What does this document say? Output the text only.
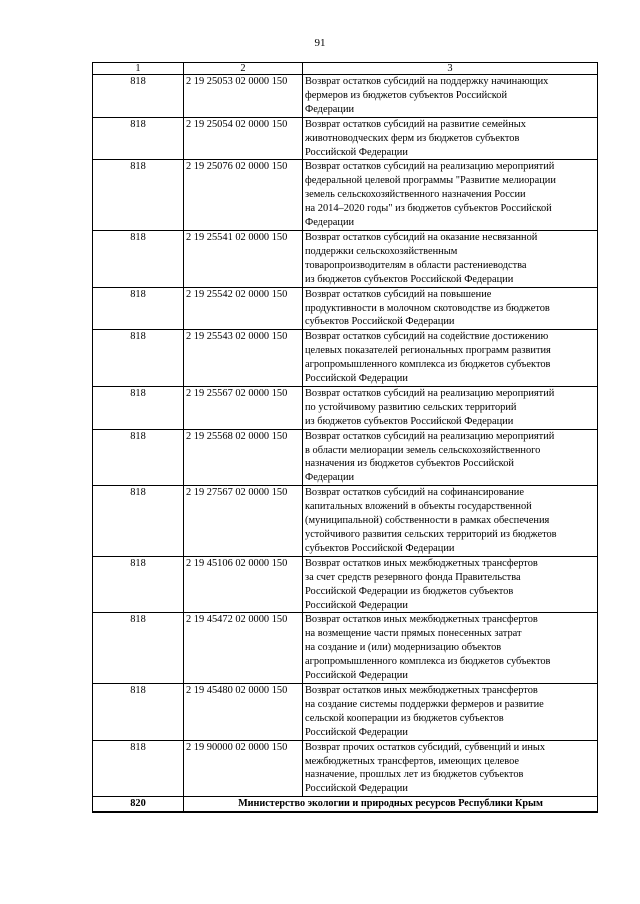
91
1	2	3
818	2 19 25053 02 0000 150	Возврат остатков субсидий на поддержку начинающих
фермеров из бюджетов субъектов Российской
Федерации

818	2 19 25054 02 0000 150	Возврат остатков субсидий на развитие семейных
животноводческих ферм из бюджетов субъектов
Российской Федерации

818	2 19 25076 02 0000 150	Возврат остатков субсидий на реализацию мероприятий
федеральной целевой программы "Развитие мелиорации
земель сельскохозяйственного назначения России
на 2014–2020 годы" из бюджетов субъектов Российской
Федерации

818	2 19 25541 02 0000 150	Возврат остатков субсидий на оказание несвязанной
поддержки сельскохозяйственным
товаропроизводителям в области растениеводства
из бюджетов субъектов Российской Федерации

818	2 19 25542 02 0000 150	Возврат остатков субсидий на повышение
продуктивности в молочном скотоводстве из бюджетов
субъектов Российской Федерации

818	2 19 25543 02 0000 150	Возврат остатков субсидий на содействие достижению
целевых показателей региональных программ развития
агропромышленного комплекса из бюджетов субъектов
Российской Федерации

818	2 19 25567 02 0000 150	Возврат остатков субсидий на реализацию мероприятий
по устойчивому развитию сельских территорий
из бюджетов субъектов Российской Федерации

818	2 19 25568 02 0000 150	Возврат остатков субсидий на реализацию мероприятий
в области мелиорации земель сельскохозяйственного
назначения из бюджетов субъектов Российской
Федерации

818	2 19 27567 02 0000 150	Возврат остатков субсидий на софинансирование
капитальных вложений в объекты государственной
(муниципальной) собственности в рамках обеспечения
устойчивого развития сельских территорий из бюджетов
субъектов Российской Федерации

818	2 19 45106 02 0000 150	Возврат остатков иных межбюджетных трансфертов
за счет средств резервного фонда Правительства
Российской Федерации из бюджетов субъектов
Российской Федерации

818	2 19 45472 02 0000 150	Возврат остатков иных межбюджетных трансфертов
на возмещение части прямых понесенных затрат
на создание и (или) модернизацию объектов
агропромышленного комплекса из бюджетов субъектов
Российской Федерации

818	2 19 45480 02 0000 150	Возврат остатков иных межбюджетных трансфертов
на создание системы поддержки фермеров и развитие
сельской кооперации из бюджетов субъектов
Российской Федерации

818	2 19 90000 02 0000 150	Возврат прочих остатков субсидий, субвенций и иных
межбюджетных трансфертов, имеющих целевое
назначение, прошлых лет из бюджетов субъектов
Российской Федерации

820	Министерство экологии и природных ресурсов Республики Крым	
